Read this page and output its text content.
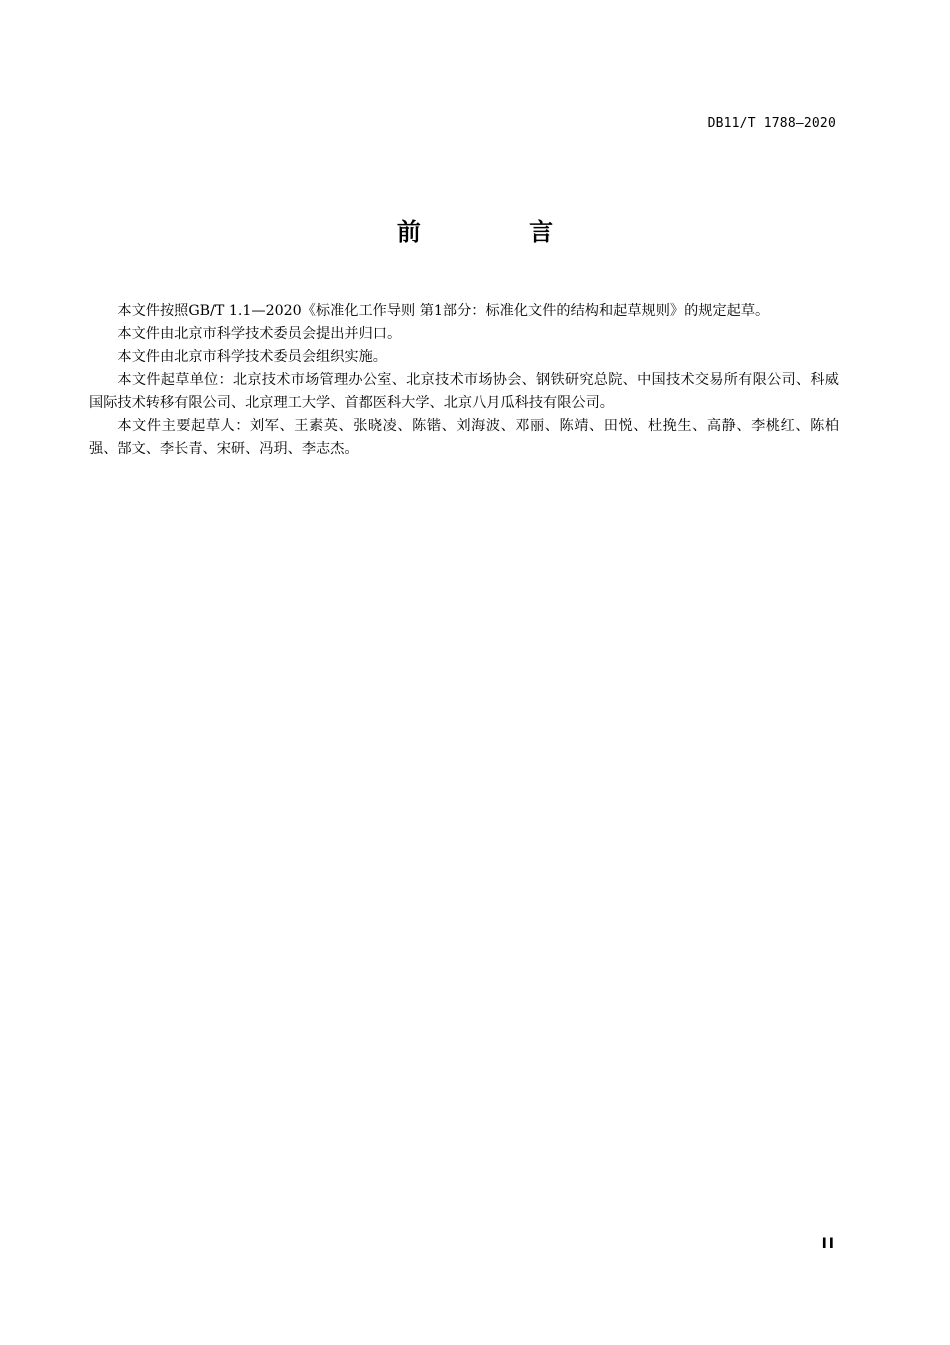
DB11/T 1788—2020
前 言

本文件按照GB/T 1.1—2020《标准化工作导则 第1部分：标准化文件的结构和起草规则》的规定起草。

本文件由北京市科学技术委员会提出并归口。

本文件由北京市科学技术委员会组织实施。

本文件起草单位：北京技术市场管理办公室、北京技术市场协会、钢铁研究总院、中国技术交易所有限公司、科威国际技术转移有限公司、北京理工大学、首都医科大学、北京八月瓜科技有限公司。

本文件主要起草人：刘军、王素英、张晓凌、陈锴、刘海波、邓丽、陈靖、田悦、杜挽生、高静、李桃红、陈柏强、郜文、李长青、宋研、冯玥、李志杰。

II
